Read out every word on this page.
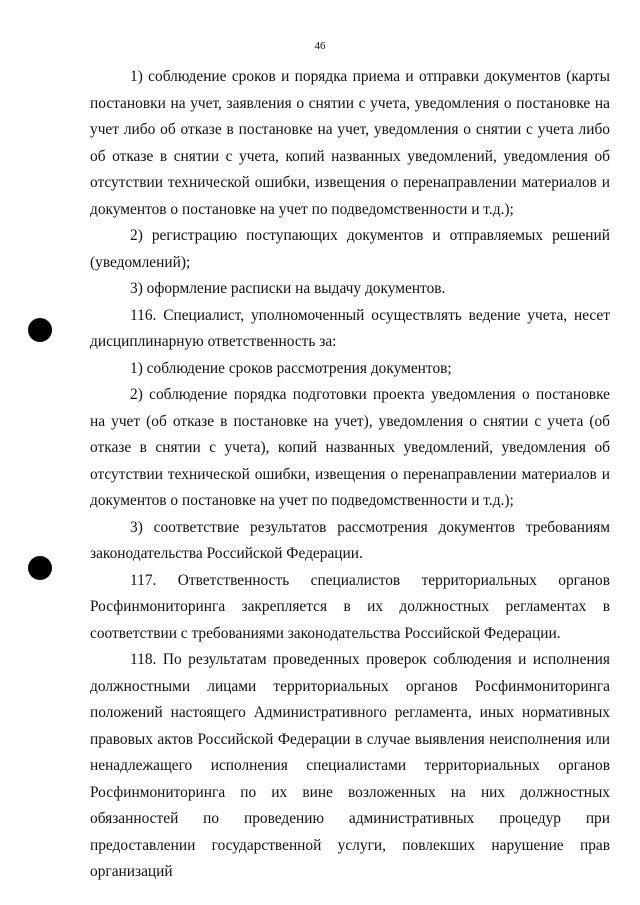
46

1) соблюдение сроков и порядка приема и отправки документов (карты постановки на учет, заявления о снятии с учета, уведомления о постановке на учет либо об отказе в постановке на учет, уведомления о снятии с учета либо об отказе в снятии с учета, копий названных уведомлений, уведомления об отсутствии технической ошибки, извещения о перенаправлении материалов и документов о постановке на учет по подведомственности и т.д.);

2) регистрацию поступающих документов и отправляемых решений (уведомлений);

3) оформление расписки на выдачу документов.

116. Специалист, уполномоченный осуществлять ведение учета, несет дисциплинарную ответственность за:

1) соблюдение сроков рассмотрения документов;

2) соблюдение порядка подготовки проекта уведомления о постановке на учет (об отказе в постановке на учет), уведомления о снятии с учета (об отказе в снятии с учета), копий названных уведомлений, уведомления об отсутствии технической ошибки, извещения о перенаправлении материалов и документов о постановке на учет по подведомственности и т.д.);

3) соответствие результатов рассмотрения документов требованиям законодательства Российской Федерации.

117. Ответственность специалистов территориальных органов Росфинмониторинга закрепляется в их должностных регламентах в соответствии с требованиями законодательства Российской Федерации.

118. По результатам проведенных проверок соблюдения и исполнения должностными лицами территориальных органов Росфинмониторинга положений настоящего Административного регламента, иных нормативных правовых актов Российской Федерации в случае выявления неисполнения или ненадлежащего исполнения специалистами территориальных органов Росфинмониторинга по их вине возложенных на них должностных обязанностей по проведению административных процедур при предоставлении государственной услуги, повлекших нарушение прав организаций
